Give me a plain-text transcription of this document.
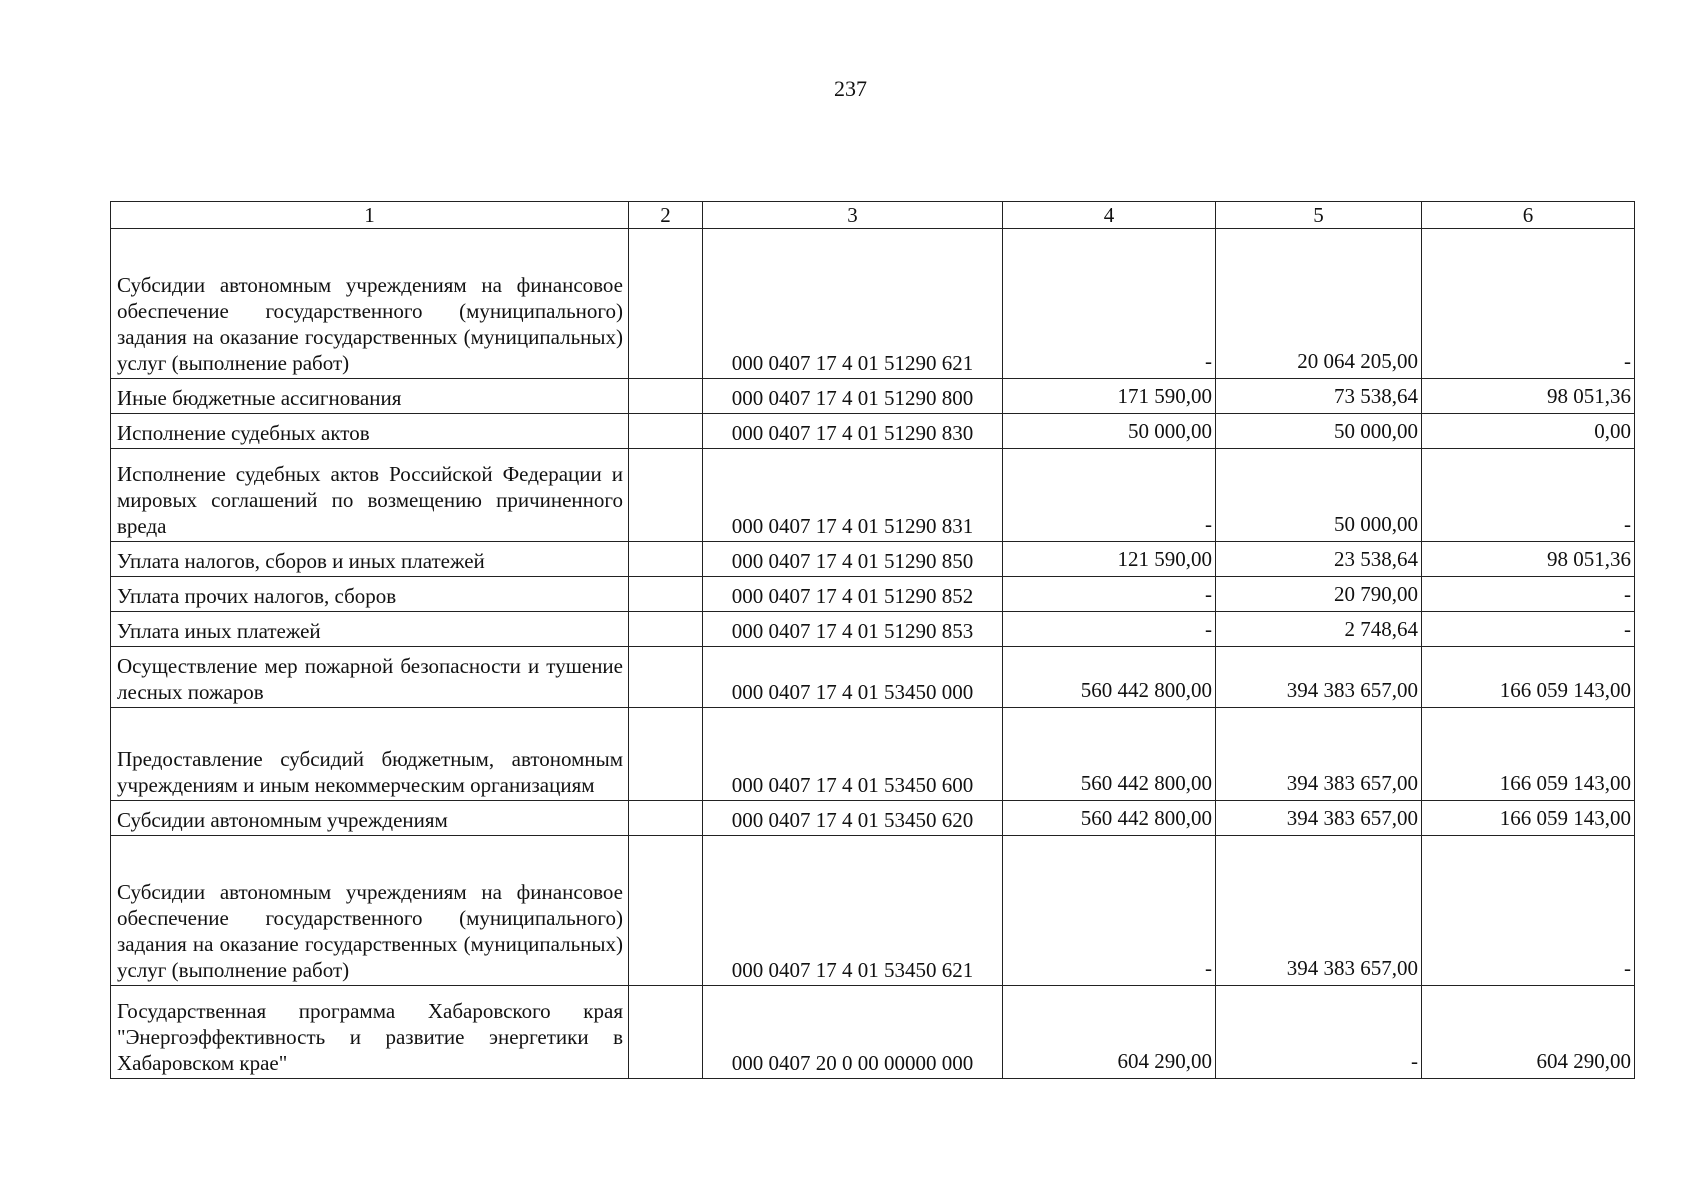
237
1	2	3	4	5	6
Субсидии автономным учреждениям на финансовое обеспечение государственного (муниципального) задания на оказание государственных (муниципальных) услуг (выполнение работ)		000 0407 17 4 01 51290 621	-	20 064 205,00	-
Иные бюджетные ассигнования		000 0407 17 4 01 51290 800	171 590,00	73 538,64	98 051,36
Исполнение судебных актов		000 0407 17 4 01 51290 830	50 000,00	50 000,00	0,00
Исполнение судебных актов Российской Федерации и мировых соглашений по возмещению причиненного вреда		000 0407 17 4 01 51290 831	-	50 000,00	-
Уплата налогов, сборов и иных платежей		000 0407 17 4 01 51290 850	121 590,00	23 538,64	98 051,36
Уплата прочих налогов, сборов		000 0407 17 4 01 51290 852	-	20 790,00	-
Уплата иных платежей		000 0407 17 4 01 51290 853	-	2 748,64	-
Осуществление мер пожарной безопасности и тушение лесных пожаров		000 0407 17 4 01 53450 000	560 442 800,00	394 383 657,00	166 059 143,00
Предоставление субсидий бюджетным, автономным учреждениям и иным некоммерческим организациям		000 0407 17 4 01 53450 600	560 442 800,00	394 383 657,00	166 059 143,00
Субсидии автономным учреждениям		000 0407 17 4 01 53450 620	560 442 800,00	394 383 657,00	166 059 143,00
Субсидии автономным учреждениям на финансовое обеспечение государственного (муниципального) задания на оказание государственных (муниципальных) услуг (выполнение работ)		000 0407 17 4 01 53450 621	-	394 383 657,00	-
Государственная программа Хабаровского края "Энергоэффективность и развитие энергетики в Хабаровском крае"		000 0407 20 0 00 00000 000	604 290,00	-	604 290,00
